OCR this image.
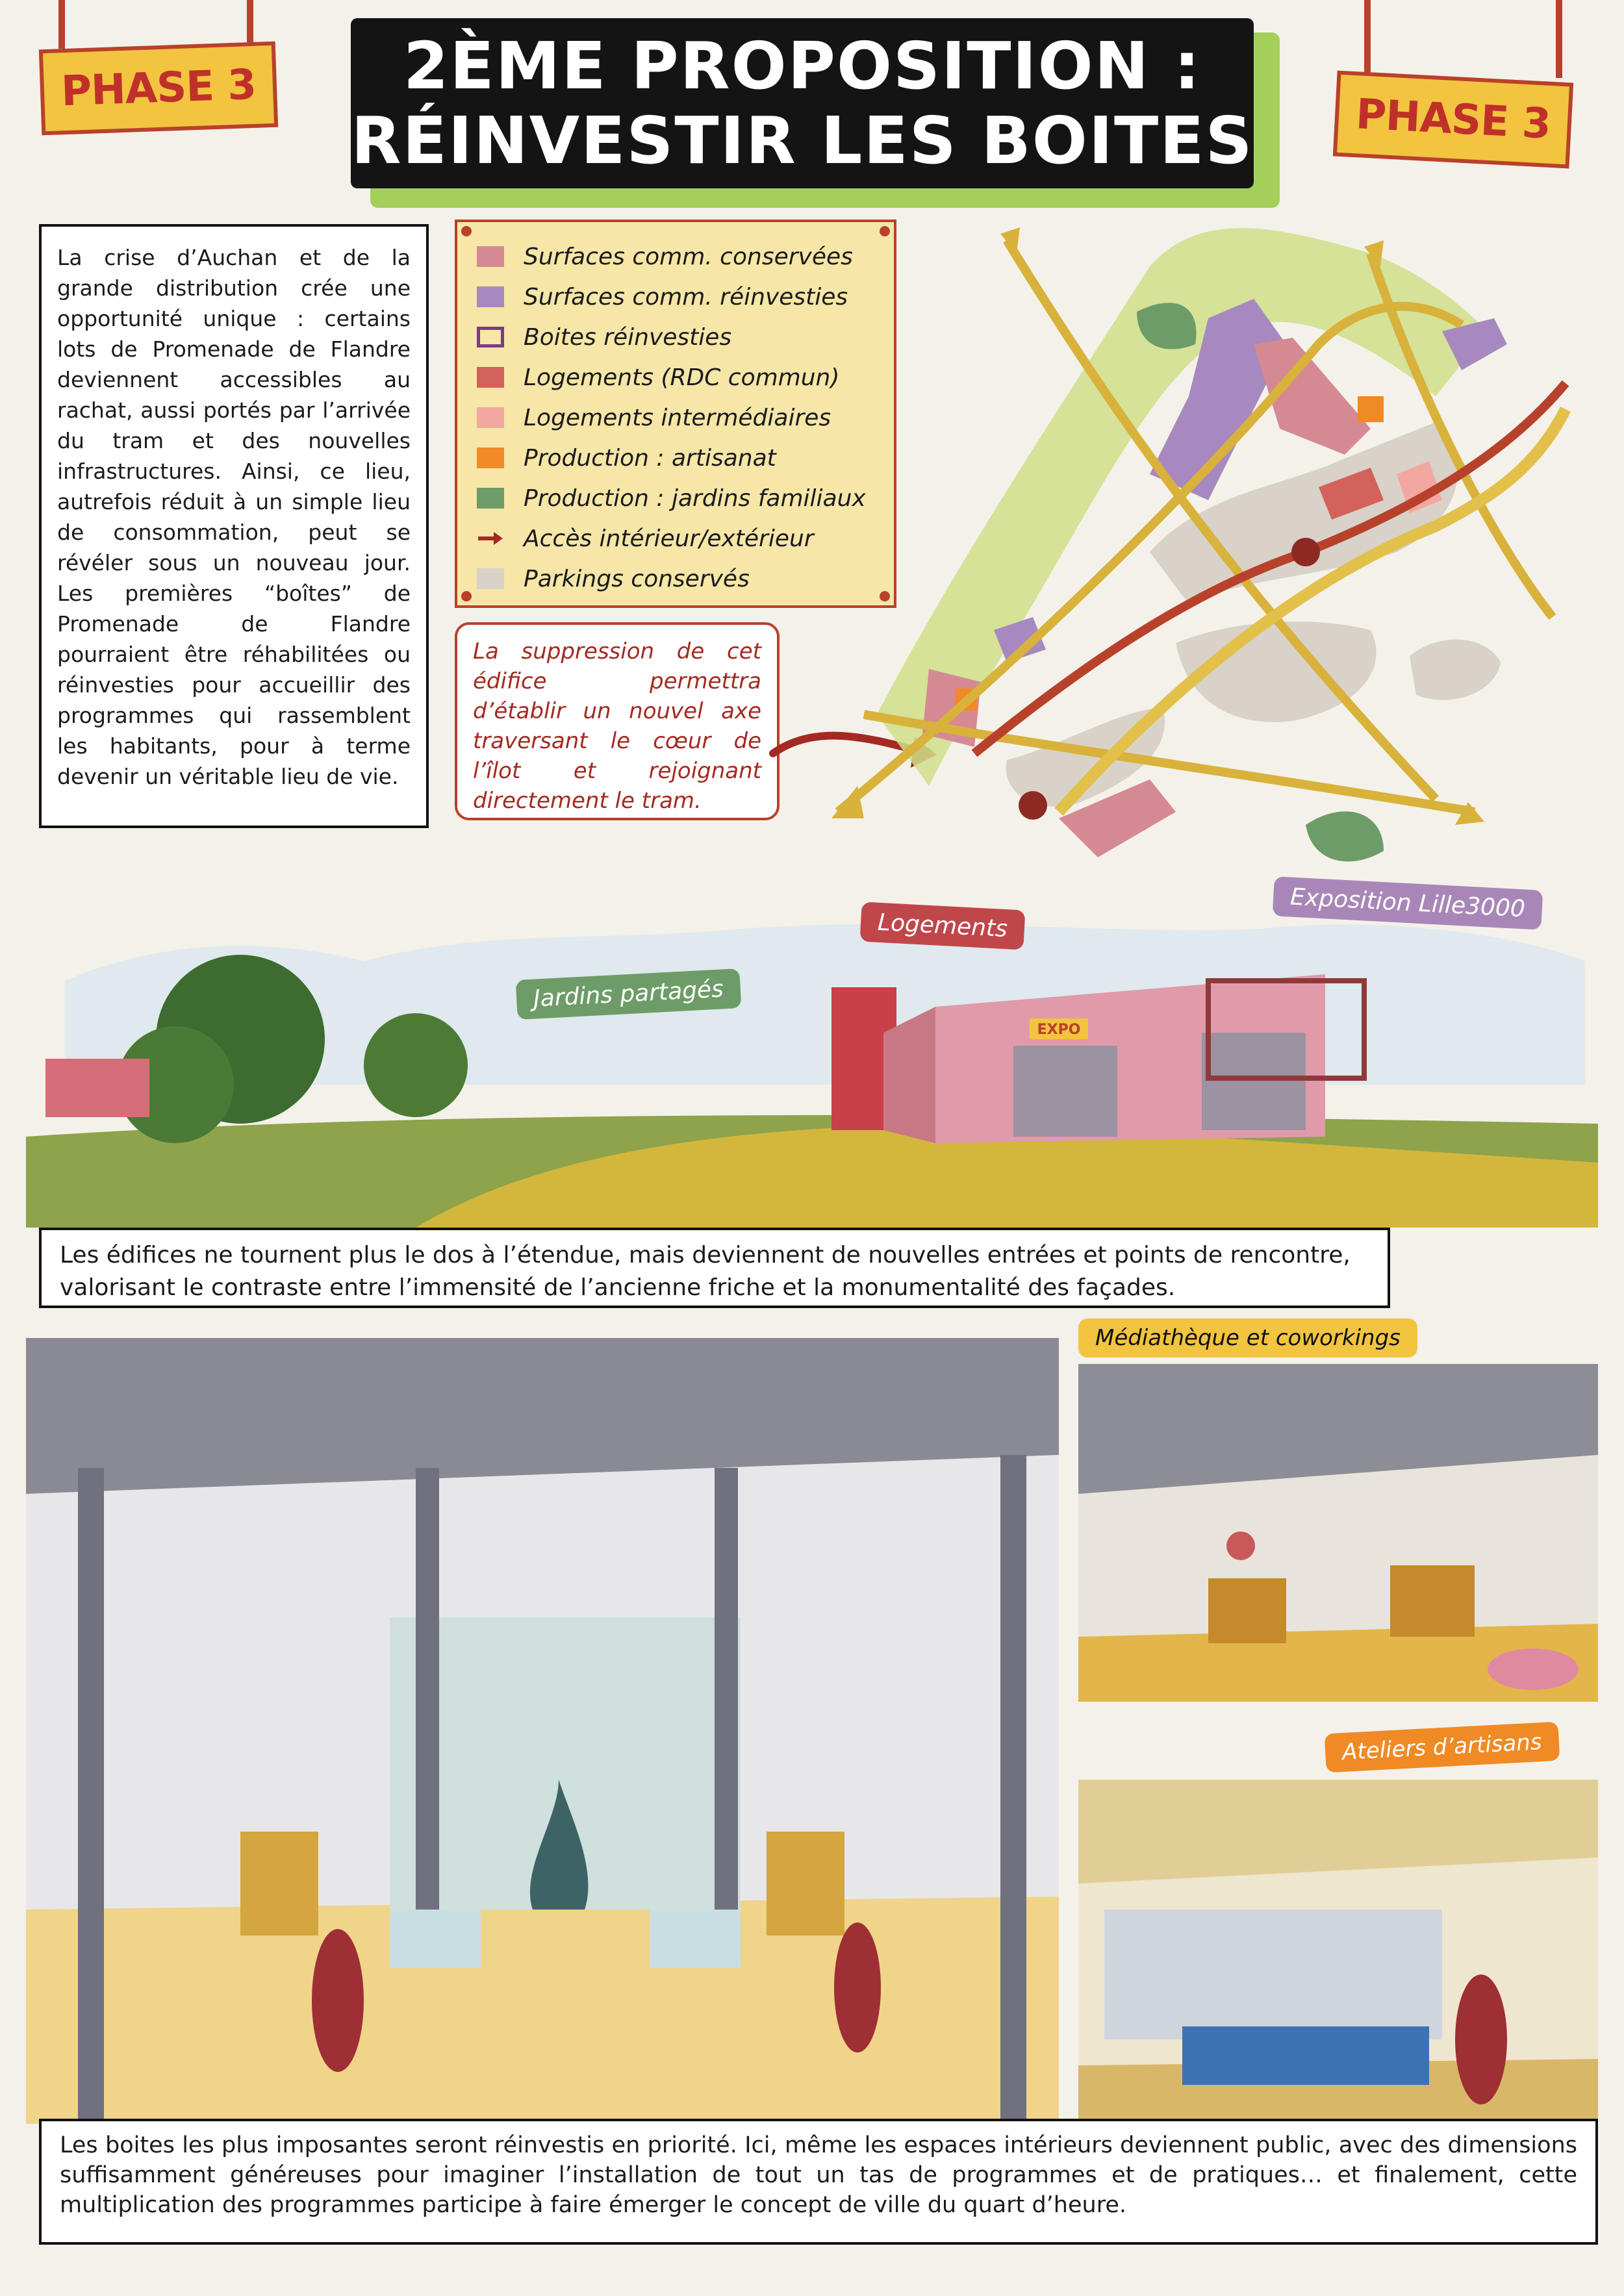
PHASE 3
PHASE 3
2ÈME PROPOSITION :
RÉINVESTIR LES BOITES
La crise d’Auchan et de la grande distribution crée une opportunité unique : certains lots de Promenade de Flandre deviennent accessibles au rachat, aussi portés par l’arrivée du tram et des nouvelles infrastructures. Ainsi, ce lieu, autrefois réduit à un simple lieu de consommation, peut se révéler sous un nouveau jour. Les premières “boîtes” de Promenade de Flandre pourraient être réhabilitées ou réinvesties pour accueillir des programmes qui rassemblent les habitants, pour à terme devenir un véritable lieu de vie.
Surfaces comm. conservées
Surfaces comm. réinvesties
Boites réinvesties
Logements (RDC commun)
Logements intermédiaires
Production : artisanat
Production : jardins familiaux
Accès intérieur/extérieur
Parkings conservés
La suppression de cet édifice permettra d’établir un nouvel axe traversant le cœur de l’îlot et rejoignant directement le tram.
EXPO
Jardins partagés
Logements
Exposition Lille3000
Les édifices ne tournent plus le dos à l’étendue, mais deviennent de nouvelles entrées et points de rencontre, valorisant le contraste entre l’immensité de l’ancienne friche et la monumentalité des façades.
Médiathèque et coworkings
Ateliers d’artisans
Les boites les plus imposantes seront réinvestis en priorité. Ici, même les espaces intérieurs deviennent public, avec des dimensions suffisamment généreuses pour imaginer l’installation de tout un tas de programmes et de pratiques… et finalement, cette multiplication des programmes participe à faire émerger le concept de ville du quart d’heure.
